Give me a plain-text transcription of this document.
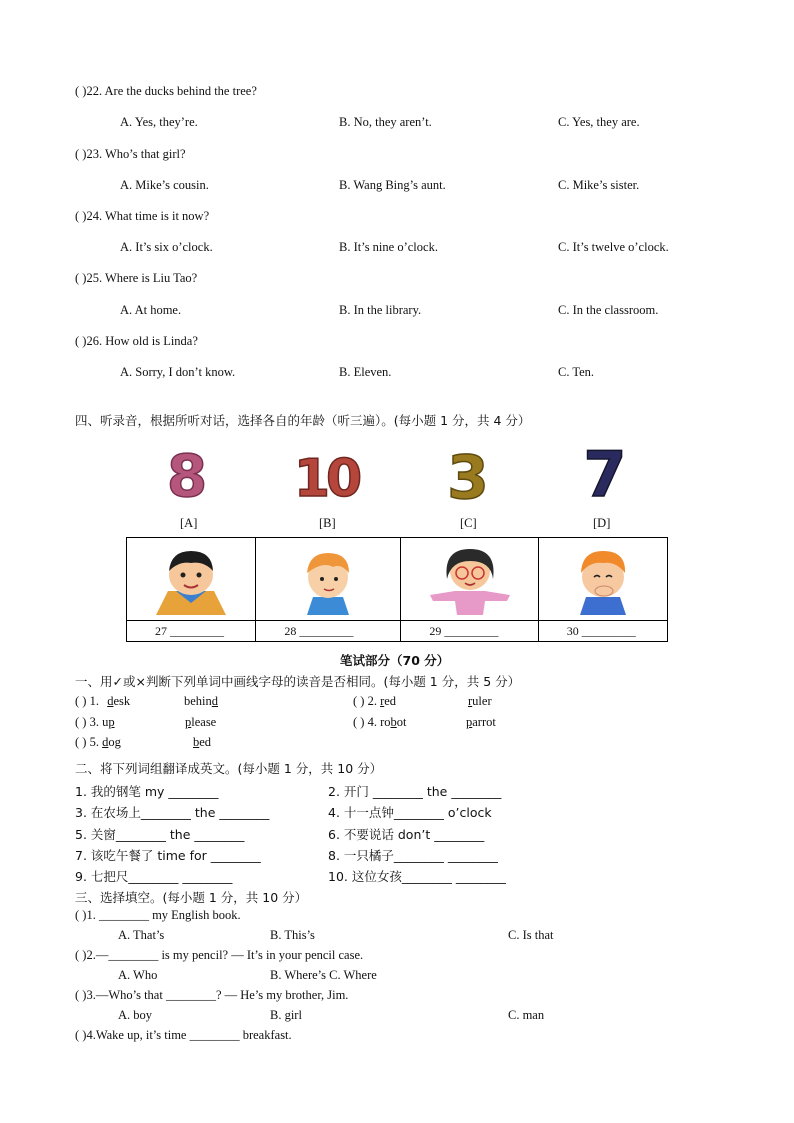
( )22. Are the ducks behind the tree?
A. Yes, they’re.	B. No, they aren’t.	C. Yes, they are.
( )23. Who’s that girl?
A. Mike’s cousin.	B. Wang Bing’s aunt.	C. Mike’s sister.
( )24. What time is it now?
A. It’s six o’clock.	B. It’s nine o’clock.	C. It’s twelve o’clock.
( )25. Where is Liu Tao?
A. At home.	B. In the library.	C. In the classroom.
( )26. How old is Linda?
A. Sorry, I don’t know.	B. Eleven.	C. Ten.
四、听录音，根据所听对话，选择各自的年龄（听三遍）。(每小题 1 分，共 4 分）
8 10 3 7
[A]	[B]	[C]	[D]

27 _________	28 _________	29 _________	30 _________
笔试部分（70 分）
一、用✓或×判断下列单词中画线字母的读音是否相同。(每小题 1 分，共 5 分）
( ) 1. desk	behind	( ) 2. red	ruler
( ) 3. up	please	( ) 4. robot	parrot
( ) 5. dog	bed
二、将下列词组翻译成英文。(每小题 1 分，共 10 分）
1. 我的钢笔 my ________	2. 开门 ________ the ________
3. 在农场上________ the ________	4. 十一点钟________ o’clock
5. 关窗________ the ________	6. 不要说话 don’t ________
7. 该吃午餐了 time for ________	8. 一只橘子________ ________
9. 七把尺________ ________	10. 这位女孩________ ________
三、选择填空。(每小题 1 分，共 10 分）
( )1. ________ my English book.
A. That’s	B. This’s	C. Is that
( )2.—________ is my pencil? — It’s in your pencil case.
A. Who	B. Where’s C. Where
( )3.—Who’s that ________? — He’s my brother, Jim.
A. boy	B. girl	C. man
( )4.Wake up, it’s time ________ breakfast.
